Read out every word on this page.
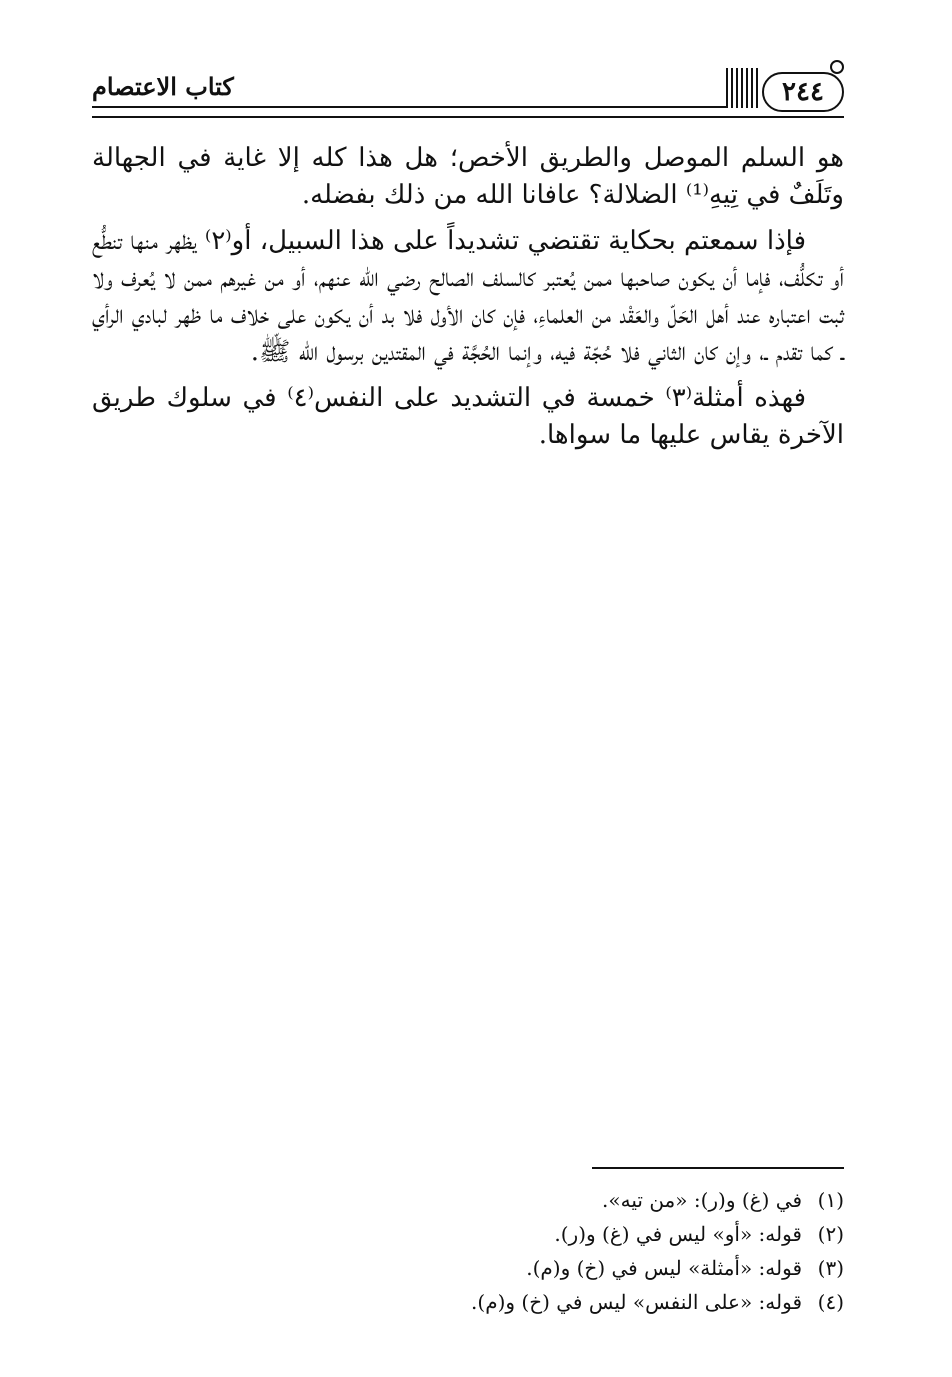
٢٤٤
كتاب الاعتصام

هو السلم الموصل والطريق الأخص؛ هل هذا كله إلا غاية في الجهالة وتَلَفٌ في تِيهِ⁽¹⁾ الضلالة؟ عافانا الله من ذلك بفضله.

فإذا سمعتم بحكاية تقتضي تشديداً على هذا السبيل، أو⁽٢⁾ يظهر منها تنطُّع أو تكلُّف، فإما أن يكون صاحبها ممن يُعتبر كالسلف الصالح رضي الله عنهم، أو من غيرهم ممن لا يُعرف ولا ثبت اعتباره عند أهل الحَلّ والعَقْد من العلماءِ، فإن كان الأول فلا بد أن يكون على خلاف ما ظهر لبادي الرأي ـ كما تقدم ـ، وإن كان الثاني فلا حُجّة فيه، وإنما الحُجَّة في المقتدين برسول الله ﷺ.

فهذه أمثلة⁽٣⁾ خمسة في التشديد على النفس⁽٤⁾ في سلوك طريق الآخرة يقاس عليها ما سواها.

(١)
في (غ) و(ر): «من تيه».
(٢)
قوله: «أو» ليس في (غ) و(ر).
(٣)
قوله: «أمثلة» ليس في (خ) و(م).
(٤)
قوله: «على النفس» ليس في (خ) و(م).
